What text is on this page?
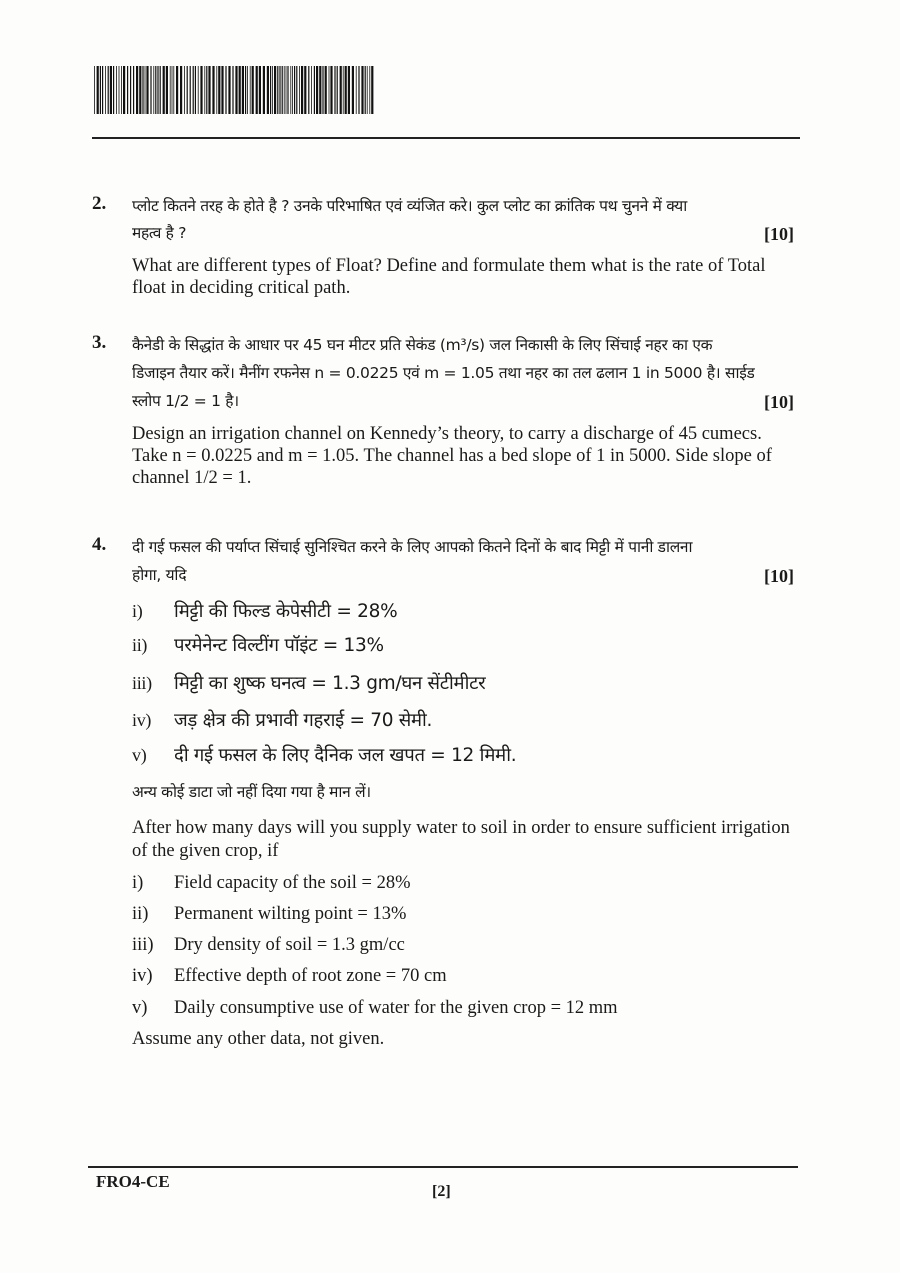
2. प्लोट कितने तरह के होते है ? उनके परिभाषित एवं व्यंजित करे। कुल प्लोट का क्रांतिक पथ चुनने में क्या
महत्व है ?	[10]
What are different types of Float? Define and formulate them what is the rate of Total
float in deciding critical path.
3. कैनेडी के सिद्धांत के आधार पर 45 घन मीटर प्रति सेकंड (m³/s) जल निकासी के लिए सिंचाई नहर का एक
डिजाइन तैयार करें। मैनींग रफनेस n = 0.0225 एवं m = 1.05 तथा नहर का तल ढलान 1 in 5000 है। साईड
स्लोप 1/2 = 1 है।	[10]
Design an irrigation channel on Kennedy’s theory, to carry a discharge of 45 cumecs.
Take n = 0.0225 and m = 1.05. The channel has a bed slope of 1 in 5000. Side slope of
channel 1/2 = 1.
4. दी गई फसल की पर्याप्त सिंचाई सुनिश्चित करने के लिए आपको कितने दिनों के बाद मिट्टी में पानी डालना
होगा, यदि	[10]
i) मिट्टी की फिल्ड केपेसीटी = 28%
ii) परमेनेन्ट विल्टींग पॉइंट = 13%
iii) मिट्टी का शुष्क घनत्व = 1.3 gm/घन सेंटीमीटर
iv) जड़ क्षेत्र की प्रभावी गहराई = 70 सेमी.
v) दी गई फसल के लिए दैनिक जल खपत = 12 मिमी.
अन्य कोई डाटा जो नहीं दिया गया है मान लें।
After how many days will you supply water to soil in order to ensure sufficient irrigation
of the given crop, if
i) Field capacity of the soil = 28%
ii) Permanent wilting point = 13%
iii) Dry density of soil = 1.3 gm/cc
iv) Effective depth of root zone = 70 cm
v) Daily consumptive use of water for the given crop = 12 mm
Assume any other data, not given.
FRO4-CE
[2]
